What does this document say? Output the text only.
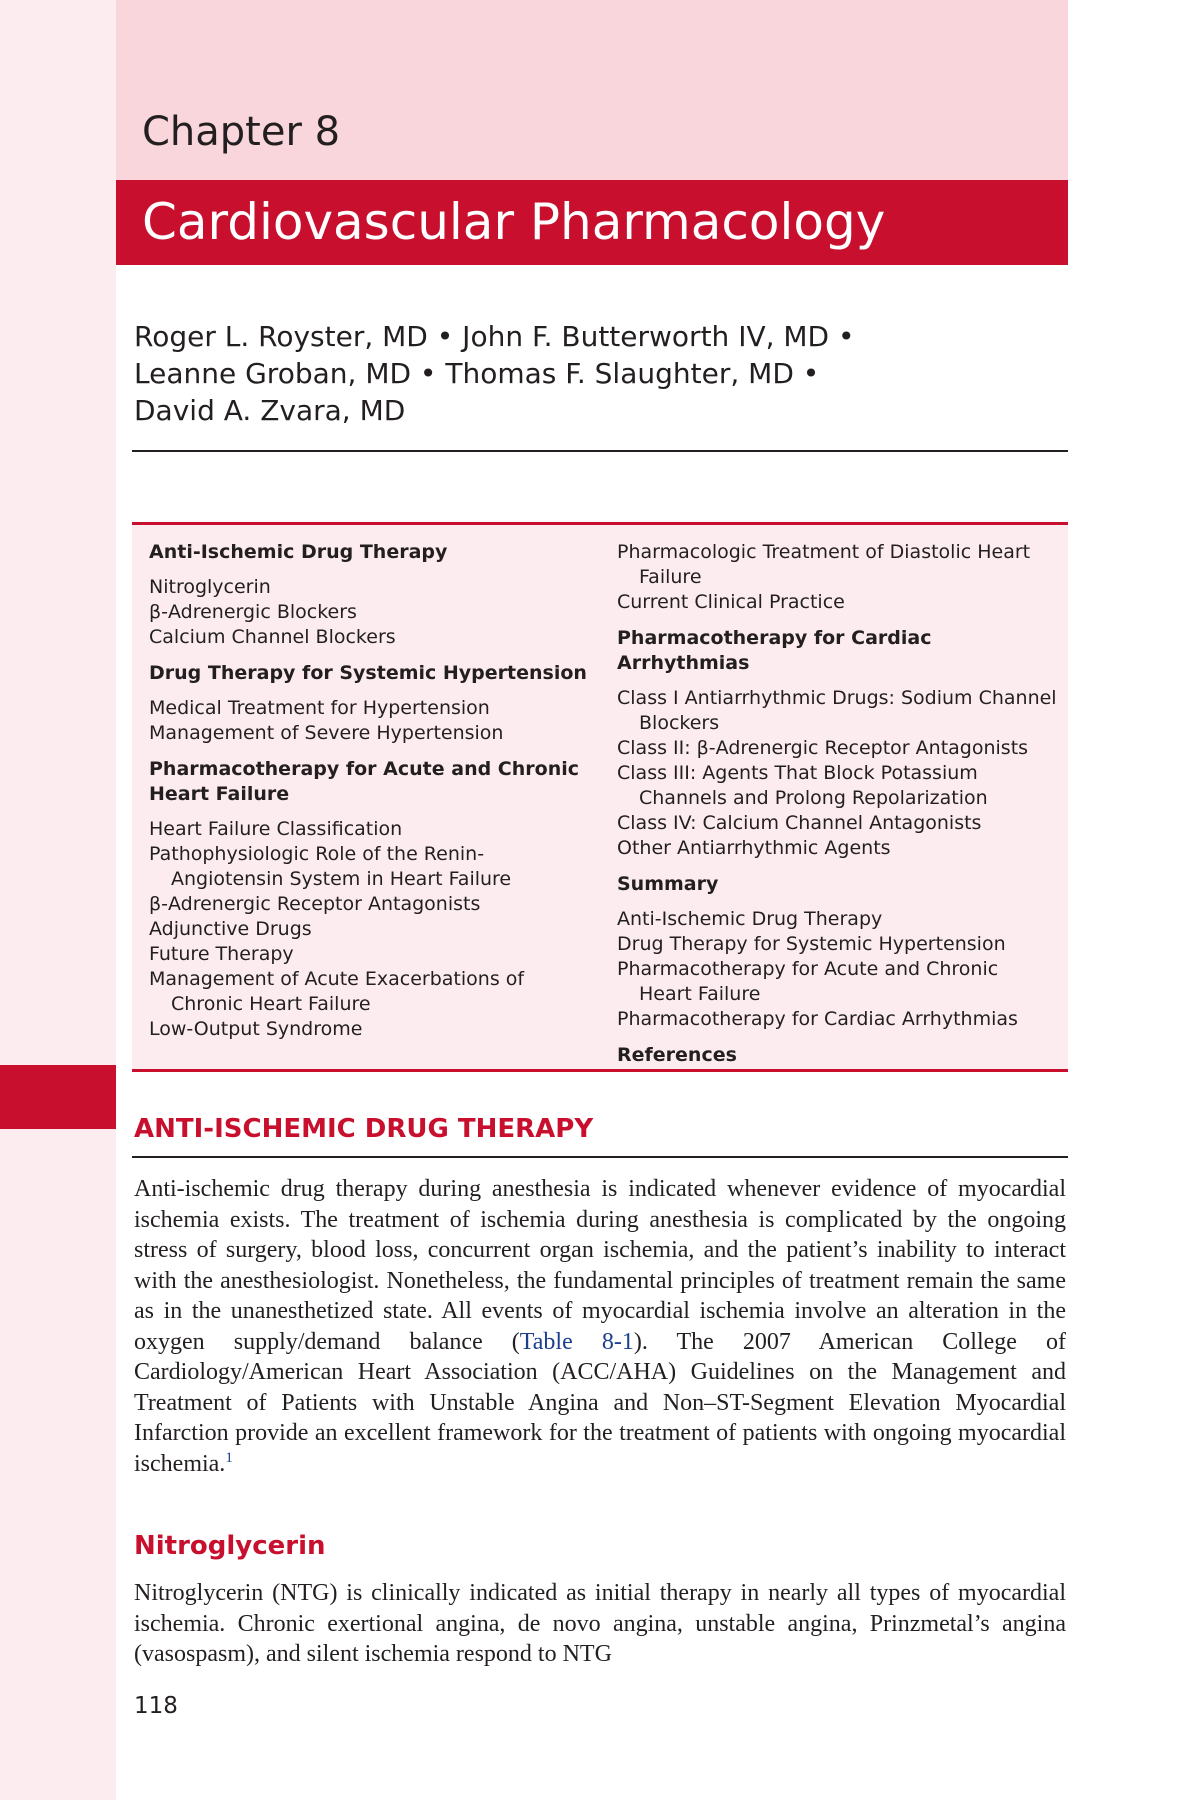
Chapter 8
Cardiovascular Pharmacology
Roger L. Royster, MD • John F. Butterworth IV, MD •
Leanne Groban, MD • Thomas F. Slaughter, MD •
David A. Zvara, MD
Anti-Ischemic Drug Therapy
Nitroglycerin
β-Adrenergic Blockers
Calcium Channel Blockers
Drug Therapy for Systemic Hypertension
Medical Treatment for Hypertension
Management of Severe Hypertension
Pharmacotherapy for Acute and Chronic Heart Failure
Heart Failure Classification
Pathophysiologic Role of the Renin-Angiotensin System in Heart Failure
β-Adrenergic Receptor Antagonists
Adjunctive Drugs
Future Therapy
Management of Acute Exacerbations of Chronic Heart Failure
Low-Output Syndrome
Pharmacologic Treatment of Diastolic Heart Failure
Current Clinical Practice
Pharmacotherapy for Cardiac Arrhythmias
Class I Antiarrhythmic Drugs: Sodium Channel Blockers
Class II: β-Adrenergic Receptor Antagonists
Class III: Agents That Block Potassium Channels and Prolong Repolarization
Class IV: Calcium Channel Antagonists
Other Antiarrhythmic Agents
Summary
Anti-Ischemic Drug Therapy
Drug Therapy for Systemic Hypertension
Pharmacotherapy for Acute and Chronic Heart Failure
Pharmacotherapy for Cardiac Arrhythmias
References
ANTI-ISCHEMIC DRUG THERAPY
Anti-ischemic drug therapy during anesthesia is indicated whenever evidence of myocardial ischemia exists. The treatment of ischemia during anesthesia is complicated by the ongoing stress of surgery, blood loss, concurrent organ ischemia, and the patient’s inability to interact with the anesthesiologist. Nonetheless, the fundamental principles of treatment remain the same as in the unanesthetized state. All events of myocardial ischemia involve an alteration in the oxygen supply/demand balance (Table 8-1). The 2007 American College of Cardiology/American Heart Association (ACC/AHA) Guidelines on the Management and Treatment of Patients with Unstable Angina and Non–ST-Segment Elevation Myocardial Infarction provide an excellent framework for the treatment of patients with ongoing myocardial ischemia.$^1$
Nitroglycerin
Nitroglycerin (NTG) is clinically indicated as initial therapy in nearly all types of myocardial ischemia. Chronic exertional angina, de novo angina, unstable angina, Prinzmetal’s angina (vasospasm), and silent ischemia respond to NTG
118
